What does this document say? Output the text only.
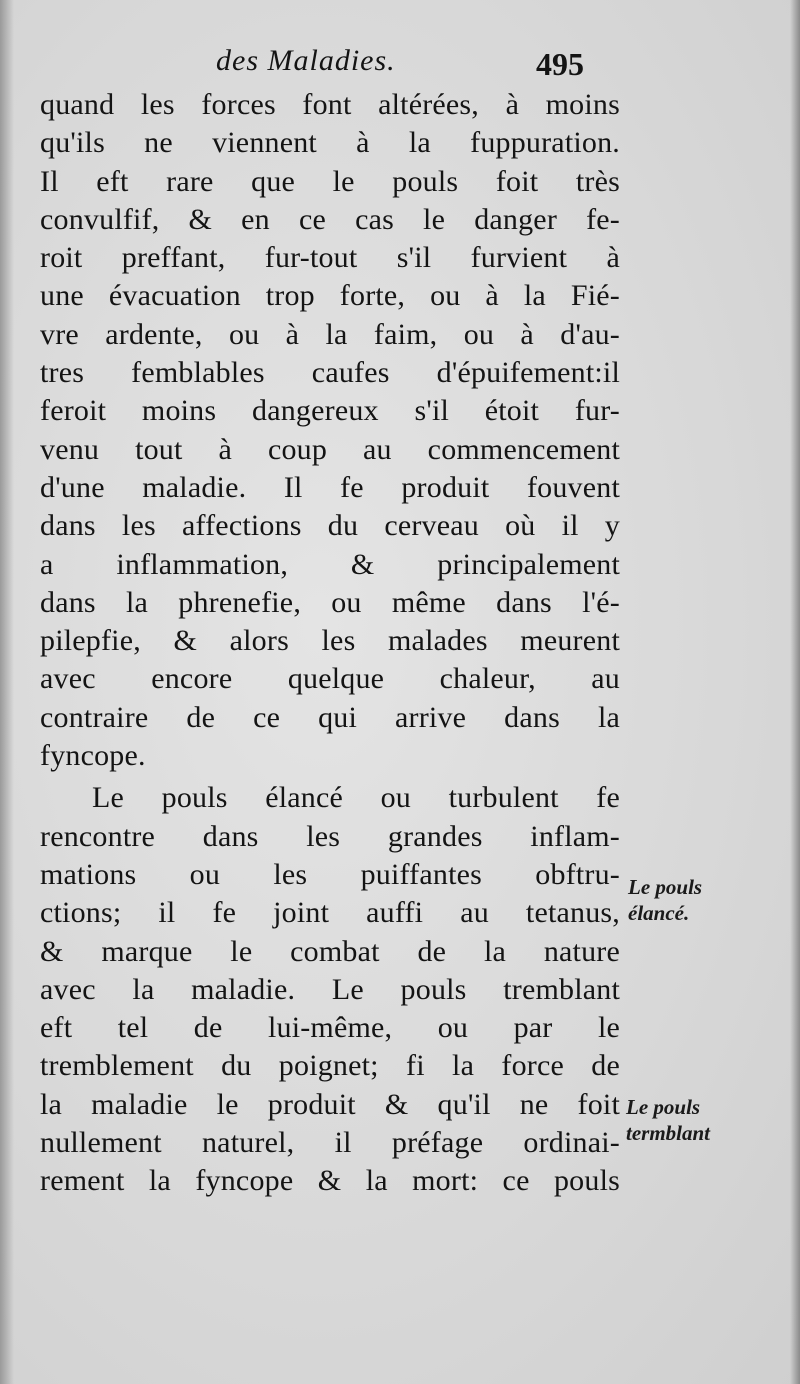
des Maladies.	495
quand les forces font altérées, à moins
qu'ils ne viennent à la fuppuration.
Il eft rare que le pouls foit très
convulfif, & en ce cas le danger fe-
roit preffant, fur-tout s'il furvient à
une évacuation trop forte, ou à la Fié-
vre ardente, ou à la faim, ou à d'au-
tres femblables caufes d'épuifement:il
feroit moins dangereux s'il étoit fur-
venu tout à coup au commencement
d'une maladie. Il fe produit fouvent
dans les affections du cerveau où il y
a inflammation, & principalement
dans la phrenefie, ou même dans l'é-
pilepfie, & alors les malades meurent
avec encore quelque chaleur, au
contraire de ce qui arrive dans la
fyncope.
Le pouls élancé ou turbulent fe
rencontre dans les grandes inflam-
mations ou les puiffantes obftru-
ctions; il fe joint auffi au tetanus,
& marque le combat de la nature
avec la maladie. Le pouls tremblant
eft tel de lui-même, ou par le
tremblement du poignet; fi la force de
la maladie le produit & qu'il ne foit
nullement naturel, il préfage ordinai-
rement la fyncope & la mort: ce pouls
Le pouls
élancé.
Le pouls
termblant
